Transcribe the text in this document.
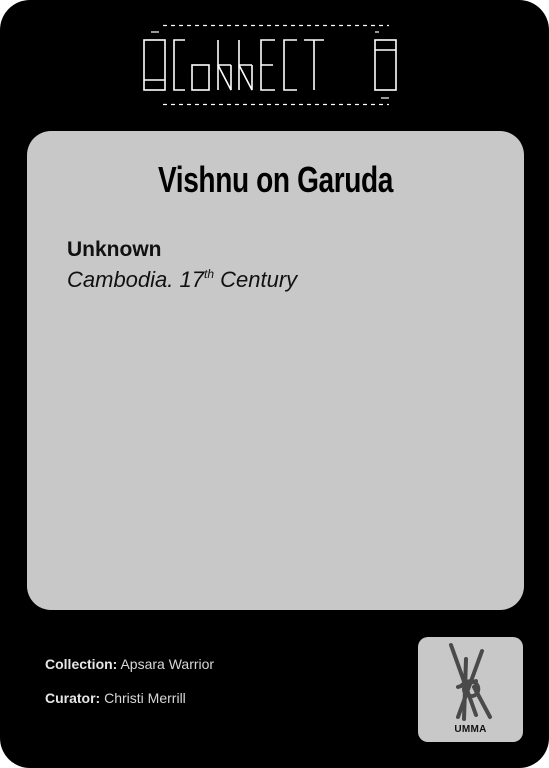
Vishnu on Garuda
Unknown
Cambodia. 17th Century
Collection: Apsara Warrior
Curator: Christi Merrill
UMMA
